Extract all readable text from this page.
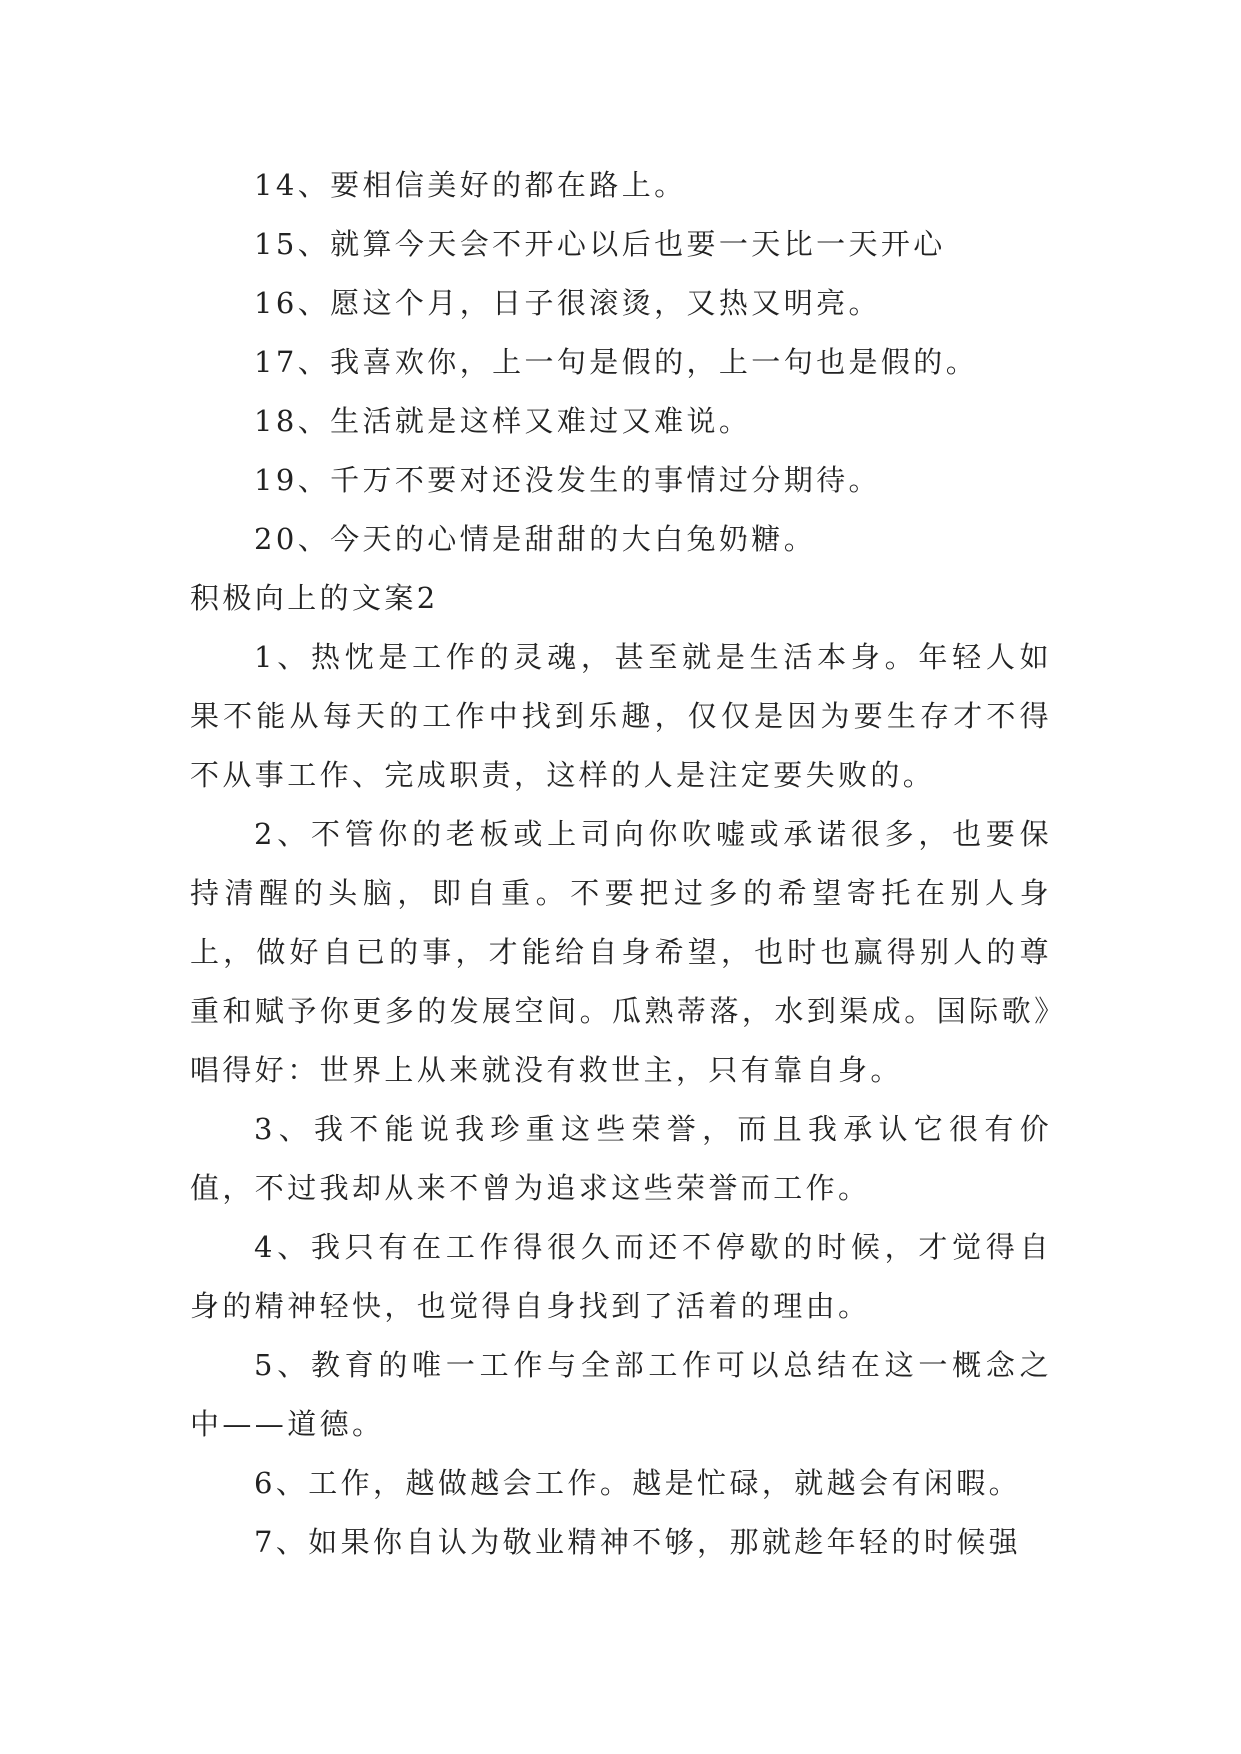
14、要相信美好的都在路上。
15、就算今天会不开心以后也要一天比一天开心
16、愿这个月，日子很滚烫，又热又明亮。
17、我喜欢你，上一句是假的，上一句也是假的。
18、生活就是这样又难过又难说。
19、千万不要对还没发生的事情过分期待。
20、今天的心情是甜甜的大白兔奶糖。
积极向上的文案2

1、热忱是工作的灵魂，甚至就是生活本身。年轻人如果不能从每天的工作中找到乐趣，仅仅是因为要生存才不得不从事工作、完成职责，这样的人是注定要失败的。

2、不管你的老板或上司向你吹嘘或承诺很多，也要保持清醒的头脑，即自重。不要把过多的希望寄托在别人身上，做好自已的事，才能给自身希望，也时也赢得别人的尊重和赋予你更多的发展空间。瓜熟蒂落，水到渠成。国际歌》唱得好：世界上从来就没有救世主，只有靠自身。

3、我不能说我珍重这些荣誉，而且我承认它很有价值，不过我却从来不曾为追求这些荣誉而工作。

4、我只有在工作得很久而还不停歇的时候，才觉得自身的精神轻快，也觉得自身找到了活着的理由。

5、教育的唯一工作与全部工作可以总结在这一概念之中——道德。

6、工作，越做越会工作。越是忙碌，就越会有闲暇。

7、如果你自认为敬业精神不够，那就趁年轻的时候强
